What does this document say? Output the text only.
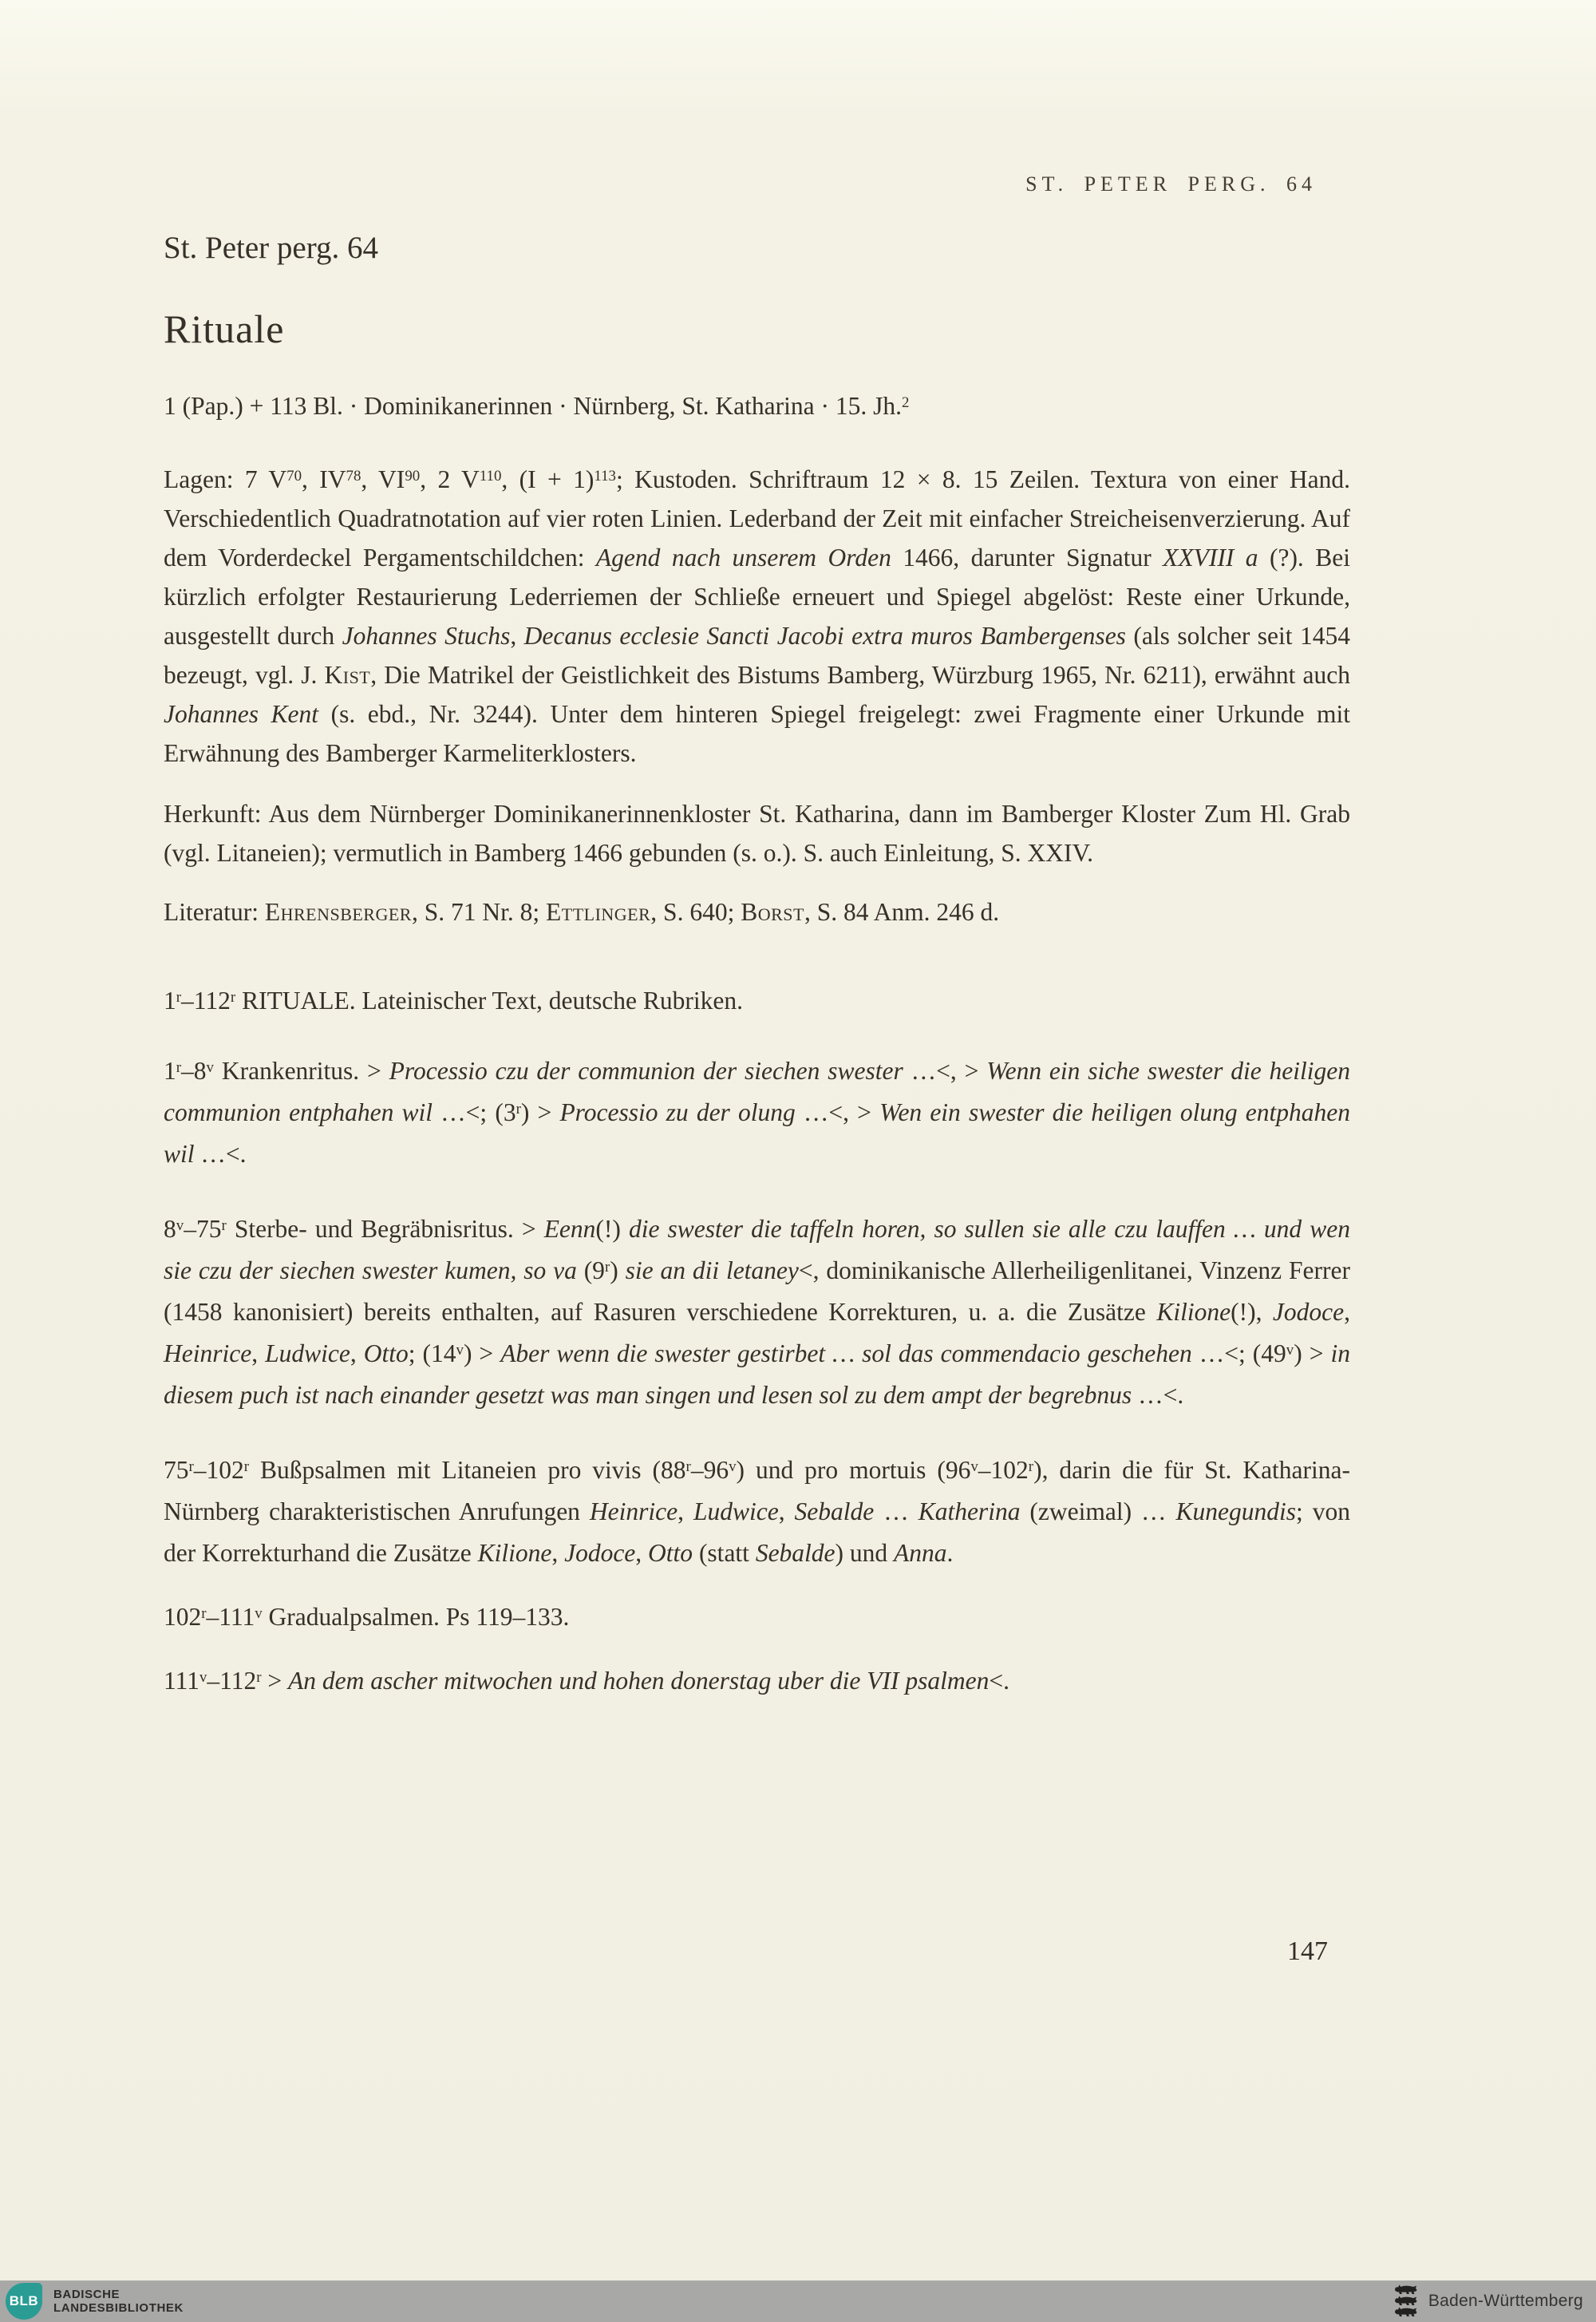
ST. PETER PERG. 64
St. Peter perg. 64
Rituale

1 (Pap.) + 113 Bl. · Dominikanerinnen · Nürnberg, St. Katharina · 15. Jh.$^2$

Lagen: 7 $V^{70}$, IV$^{78}$, VI$^{90}$, 2 $V^{110}$, $(I + 1)^{113}$; Kustoden. Schriftraum 12 × 8. 15 Zeilen. Textura von einer Hand. Verschiedentlich Quadratnotation auf vier roten Linien. Lederband der Zeit mit einfacher Streicheisenverzierung. Auf dem Vorderdeckel Pergamentschildchen: Agend nach unserem Orden 1466, darunter Signatur XXVIII a (?). Bei kürzlich erfolgter Restaurierung Lederriemen der Schließe erneuert und Spiegel abgelöst: Reste einer Urkunde, ausgestellt durch Johannes Stuchs, Decanus ecclesie Sancti Jacobi extra muros Bambergenses (als solcher seit 1454 bezeugt, vgl. J. Kist, Die Matrikel der Geistlichkeit des Bistums Bamberg, Würzburg 1965, Nr. 6211), erwähnt auch Johannes Kent (s. ebd., Nr. 3244). Unter dem hinteren Spiegel freigelegt: zwei Fragmente einer Urkunde mit Erwähnung des Bamberger Karmeliterklosters.

Herkunft: Aus dem Nürnberger Dominikanerinnenkloster St. Katharina, dann im Bamberger Kloster Zum Hl. Grab (vgl. Litaneien); vermutlich in Bamberg 1466 gebunden (s. o.). S. auch Einleitung, S. XXIV.

Literatur: Ehrensberger, S. 71 Nr. 8; Ettlinger, S. 640; Borst, S. 84 Anm. 246 d.

1$^r$–112$^r$ RITUALE. Lateinischer Text, deutsche Rubriken.

1$^r$–8$^v$ Krankenritus. > Processio czu der communion der siechen swester …<, > Wenn ein siche swester die heiligen communion entphahen wil …<; $(3^r)$ > Processio zu der olung …<, > Wen ein swester die heiligen olung entphahen wil …<.

8$^v$–75$^r$ Sterbe- und Begräbnisritus. > Eenn(!) die swester die taffeln horen, so sullen sie alle czu lauffen … und wen sie czu der siechen swester kumen, so va (9$^r$) sie an dii letaney<, dominikanische Allerheiligenlitanei, Vinzenz Ferrer (1458 kanonisiert) bereits enthalten, auf Rasuren verschiedene Korrekturen, u. a. die Zusätze Kilione(!), Jodoce, Heinrice, Ludwice, Otto; $(14^v)$ > Aber wenn die swester gestirbet … sol das commendacio geschehen …<; $(49^v)$ > in diesem puch ist nach einander gesetzt was man singen und lesen sol zu dem ampt der begrebnus …<.

75$^r$–102$^r$ Bußpsalmen mit Litaneien pro vivis (88$^r$–96$^v$) und pro mortuis (96$^v$–102$^r$), darin die für St. Katharina-Nürnberg charakteristischen Anrufungen Heinrice, Ludwice, Sebalde … Katherina (zweimal) … Kunegundis; von der Korrekturhand die Zusätze Kilione, Jodoce, Otto (statt Sebalde) und Anna.

102$^r$–111$^v$ Gradualpsalmen. Ps 119–133.

$111^v-112^r > An$ dem ascher mitwochen und hohen donerstag uber die VII psalmen<.

147
BLB BADISCHE
LANDESBIBLIOTHEK	Baden-Württemberg
